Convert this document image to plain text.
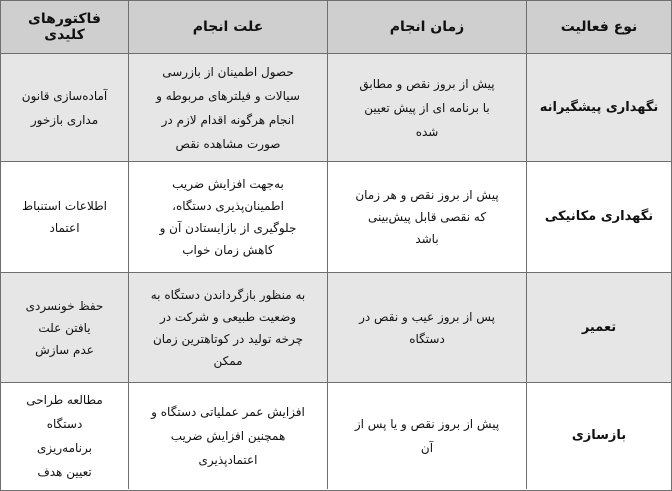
نوع فعالیت
زمان انجام
علت انجام
فاکتورهای کلیدی
نگهداری پیشگیرانه
پیش از بروز نقص و مطابق
با برنامه ای از پیش تعیین
شده
حصول اطمینان از بازرسی
سیالات و فیلترهای مربوطه و
انجام هرگونه اقدام لازم در
صورت مشاهده نقص
آماده‌سازی قانون
مداری بازخور
نگهداری مکانیکی
پیش از بروز نقص و هر زمان
که نقصی قابل پیش‌بینی
باشد
به‌جهت افزایش ضریب
اطمینان‌پذیری دستگاه،
جلوگیری از بازایستادن آن و
کاهش زمان خواب
اطلاعات استنباط
اعتماد
تعمیر
پس از بروز عیب و نقص در
دستگاه
به منظور بازگرداندن دستگاه به
وضعیت طبیعی و شرکت در
چرخه تولید در کوتاهترین زمان
ممکن
حفظ خونسردی
یافتن علت
عدم سازش
بازسازی
پیش از بروز نقص و یا پس از
آن
افزایش عمر عملیاتی دستگاه و
همچنین افزایش ضریب
اعتمادپذیری
مطالعه طراحی
دستگاه
برنامه‌ریزی
تعیین هدف
